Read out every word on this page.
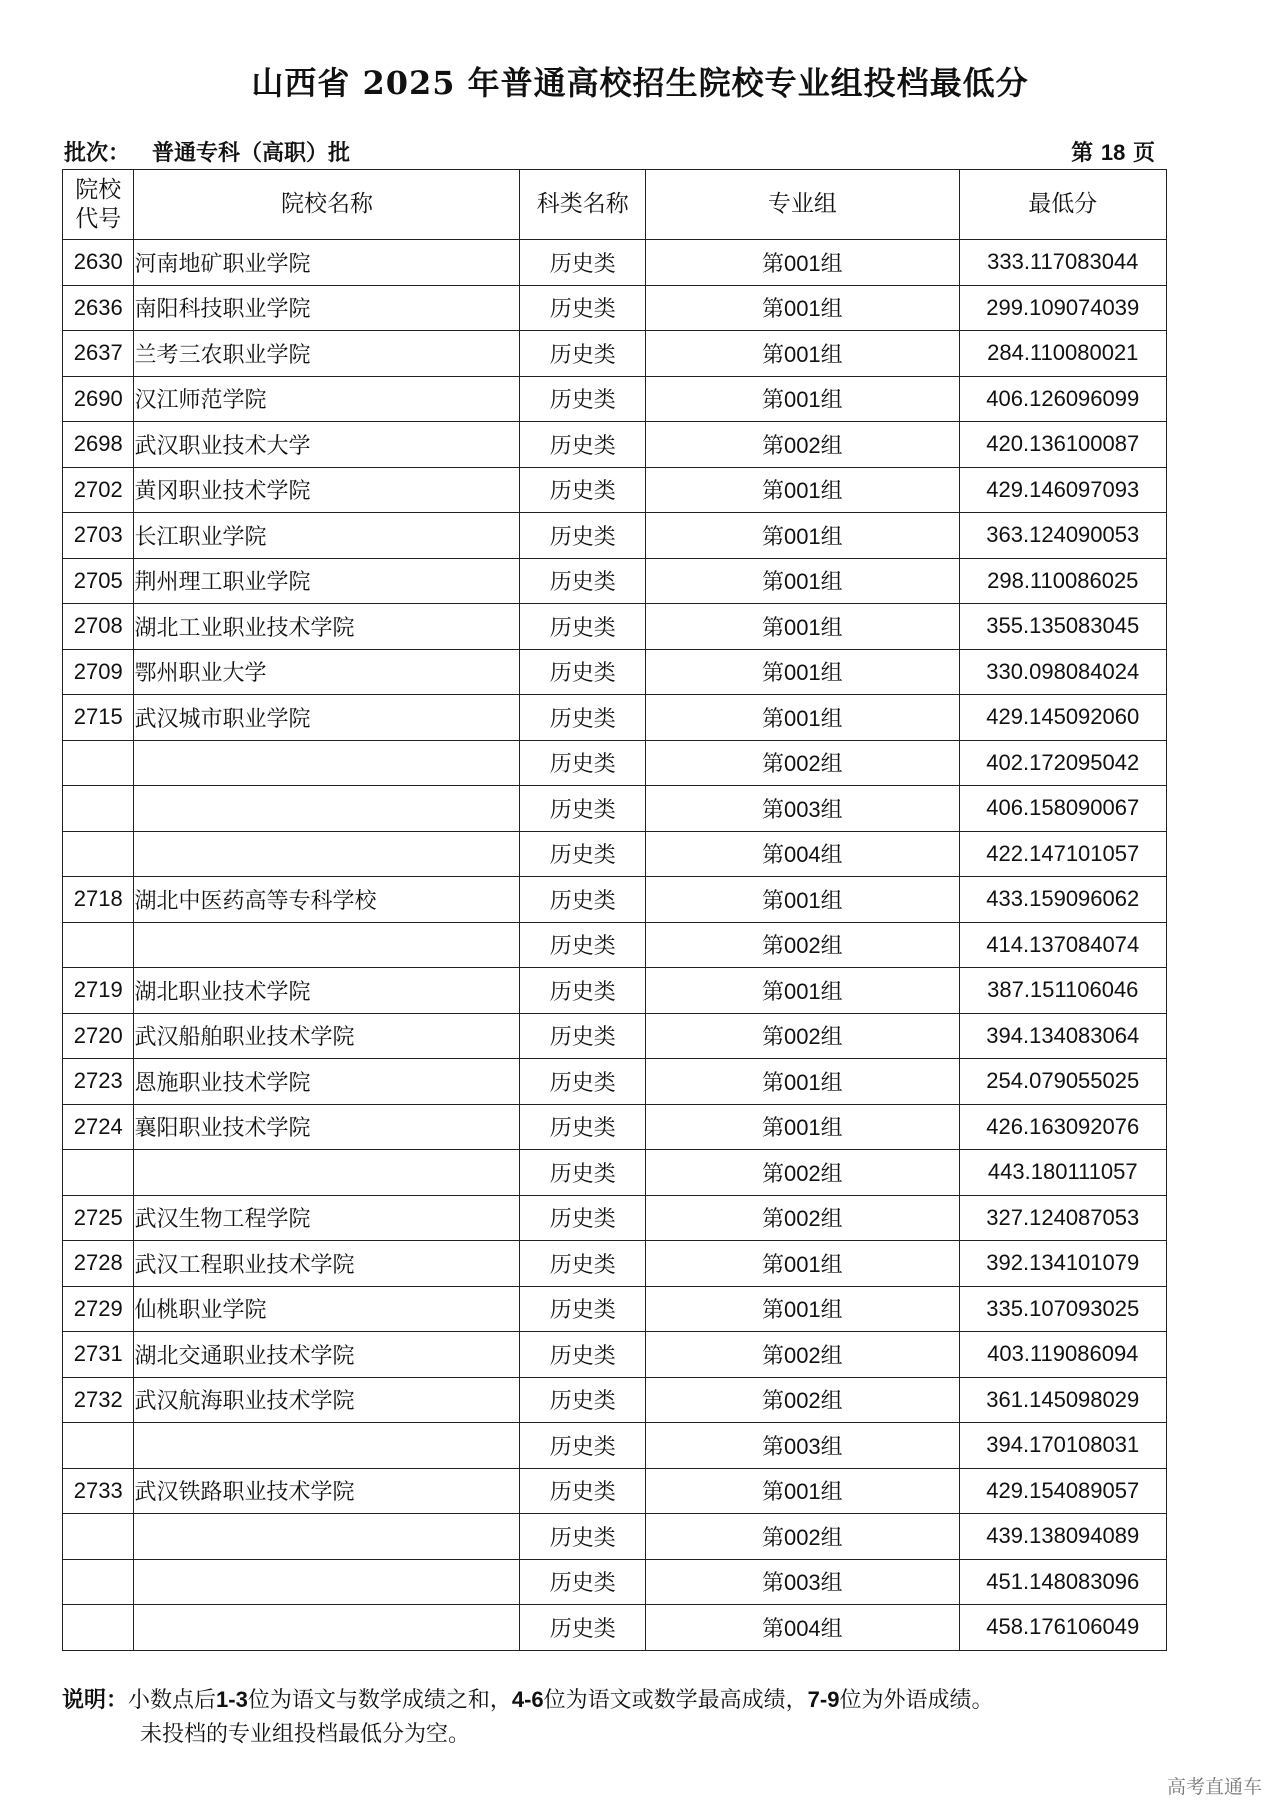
山西省 2025 年普通高校招生院校专业组投档最低分
批次： 普通专科（高职）批	第 18 页
院校代号	院校名称	科类名称	专业组	最低分
2630	河南地矿职业学院	历史类	第001组	333.117083044
2636	南阳科技职业学院	历史类	第001组	299.109074039
2637	兰考三农职业学院	历史类	第001组	284.110080021
2690	汉江师范学院	历史类	第001组	406.126096099
2698	武汉职业技术大学	历史类	第002组	420.136100087
2702	黄冈职业技术学院	历史类	第001组	429.146097093
2703	长江职业学院	历史类	第001组	363.124090053
2705	荆州理工职业学院	历史类	第001组	298.110086025
2708	湖北工业职业技术学院	历史类	第001组	355.135083045
2709	鄂州职业大学	历史类	第001组	330.098084024
2715	武汉城市职业学院	历史类	第001组	429.145092060
		历史类	第002组	402.172095042
		历史类	第003组	406.158090067
		历史类	第004组	422.147101057
2718	湖北中医药高等专科学校	历史类	第001组	433.159096062
		历史类	第002组	414.137084074
2719	湖北职业技术学院	历史类	第001组	387.151106046
2720	武汉船舶职业技术学院	历史类	第002组	394.134083064
2723	恩施职业技术学院	历史类	第001组	254.079055025
2724	襄阳职业技术学院	历史类	第001组	426.163092076
		历史类	第002组	443.180111057
2725	武汉生物工程学院	历史类	第002组	327.124087053
2728	武汉工程职业技术学院	历史类	第001组	392.134101079
2729	仙桃职业学院	历史类	第001组	335.107093025
2731	湖北交通职业技术学院	历史类	第002组	403.119086094
2732	武汉航海职业技术学院	历史类	第002组	361.145098029
		历史类	第003组	394.170108031
2733	武汉铁路职业技术学院	历史类	第001组	429.154089057
		历史类	第002组	439.138094089
		历史类	第003组	451.148083096
		历史类	第004组	458.176106049
说明：小数点后1-3位为语文与数学成绩之和，4-6位为语文或数学最高成绩，7-9位为外语成绩。
未投档的专业组投档最低分为空。
高考直通车
